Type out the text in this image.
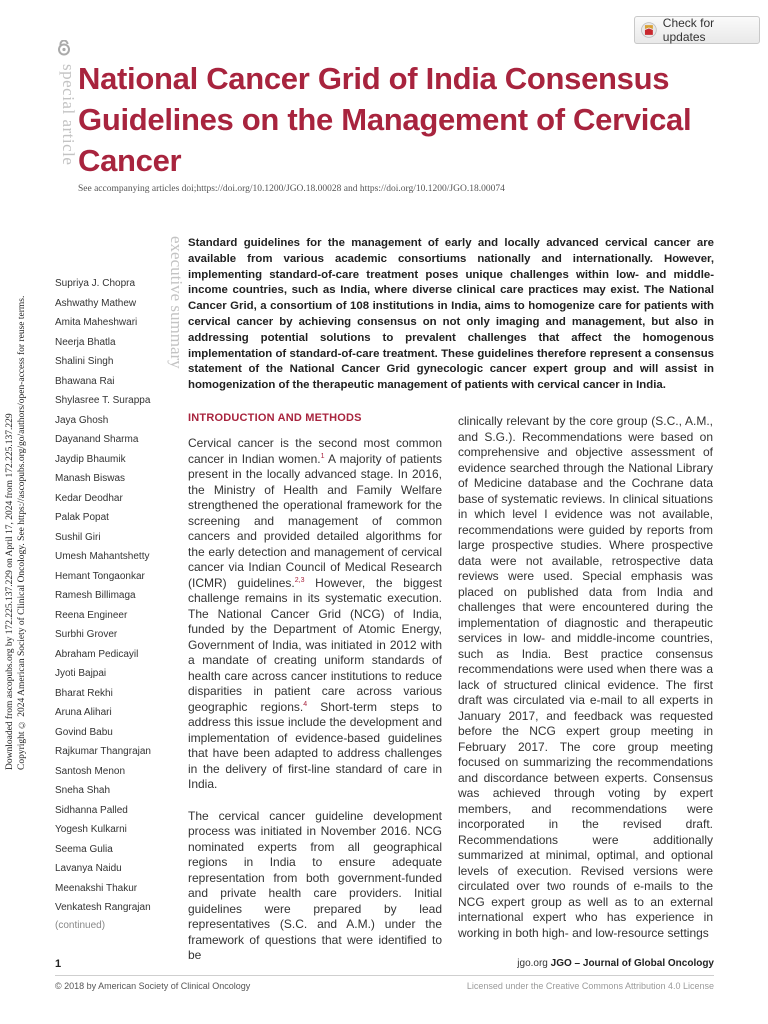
Check for updates
special article National Cancer Grid of India Consensus Guidelines on the Management of Cervical Cancer
See accompanying articles doi;https://doi.org/10.1200/JGO.18.00028 and https://doi.org/10.1200/JGO.18.00074
Downloaded from ascopubs.org by 172.225.137.229 on April 17, 2024 from 172.225.137.229 Copyright © 2024 American Society of Clinical Oncology. See https://ascopubs.org/go/authors/open-access for reuse terms.	executive summary Standard guidelines for the management of early and locally advanced cervical cancer are available from various academic consortiums nationally and internationally. However, implementing standard-of-care treatment poses unique challenges within low- and middle-income countries, such as India, where diverse clinical care practices may exist. The National Cancer Grid, a consortium of 108 institutions in India, aims to homogenize care for patients with cervical cancer by achieving consensus on not only imaging and management, but also in addressing potential solutions to prevalent challenges that affect the homogenous implementation of standard-of-care treatment. These guidelines therefore represent a consensus statement of the National Cancer Grid gynecologic cancer expert group and will assist in homogenization of the therapeutic management of patients with cervical cancer in India.

Supriya J. Chopra
Ashwathy Mathew
Amita Maheshwari
Neerja Bhatla
Shalini Singh
Bhawana Rai
Shylasree T. Surappa
Jaya Ghosh
Dayanand Sharma
Jaydip Bhaumik
Manash Biswas
Kedar Deodhar
Palak Popat
Sushil Giri
Umesh Mahantshetty
Hemant Tongaonkar
Ramesh Billimaga
Reena Engineer
Surbhi Grover
Abraham Pedicayil
Jyoti Bajpai
Bharat Rekhi
Aruna Alihari
Govind Babu
Rajkumar Thangrajan
Santosh Menon
Sneha Shah
Sidhanna Palled
Yogesh Kulkarni
Seema Gulia
Lavanya Naidu
Meenakshi Thakur
Venkatesh Rangrajan
(continued)
INTRODUCTION AND METHODS

Cervical cancer is the second most common cancer in Indian women.$^1$ A majority of patients present in the locally advanced stage. In 2016, the Ministry of Health and Family Welfare strengthened the operational framework for the screening and management of common cancers and provided detailed algorithms for the early detection and management of cervical cancer via Indian Council of Medical Research (ICMR) guidelines.$^{2,3}$ However, the biggest challenge remains in its systematic execution. The National Cancer Grid (NCG) of India, funded by the Department of Atomic Energy, Government of India, was initiated in 2012 with a mandate of creating uniform standards of health care across cancer institutions to reduce disparities in patient care across various geographic regions.$^4$ Short-term steps to address this issue include the development and implementation of evidence-based guidelines that have been adapted to address challenges in the delivery of first-line standard of care in India.

The cervical cancer guideline development process was initiated in November 2016. NCG nominated experts from all geographical regions in India to ensure adequate representation from both government-funded and private health care providers. Initial guidelines were prepared by lead representatives (S.C. and A.M.) under the framework of questions that were identified to be

clinically relevant by the core group (S.C., A.M., and S.G.). Recommendations were based on comprehensive and objective assessment of evidence searched through the National Library of Medicine database and the Cochrane data base of systematic reviews. In clinical situations in which level I evidence was not available, recommendations were guided by reports from large prospective studies. Where prospective data were not available, retrospective data reviews were used. Special emphasis was placed on published data from India and challenges that were encountered during the implementation of diagnostic and therapeutic services in low- and middle-income countries, such as India. Best practice consensus recommendations were used when there was a lack of structured clinical evidence. The first draft was circulated via e-mail to all experts in January 2017, and feedback was requested before the NCG expert group meeting in February 2017. The core group meeting focused on summarizing the recommendations and discordance between experts. Consensus was achieved through voting by expert members, and recommendations were incorporated in the revised draft. Recommendations were additionally summarized at minimal, optimal, and optional levels of execution. Revised versions were circulated over two rounds of e-mails to the NCG expert group as well as to an external international expert who has experience in working in both high- and low-resource settings

1	jgo.org JGO – Journal of Global Oncology
© 2018 by American Society of Clinical Oncology	Licensed under the Creative Commons Attribution 4.0 License
